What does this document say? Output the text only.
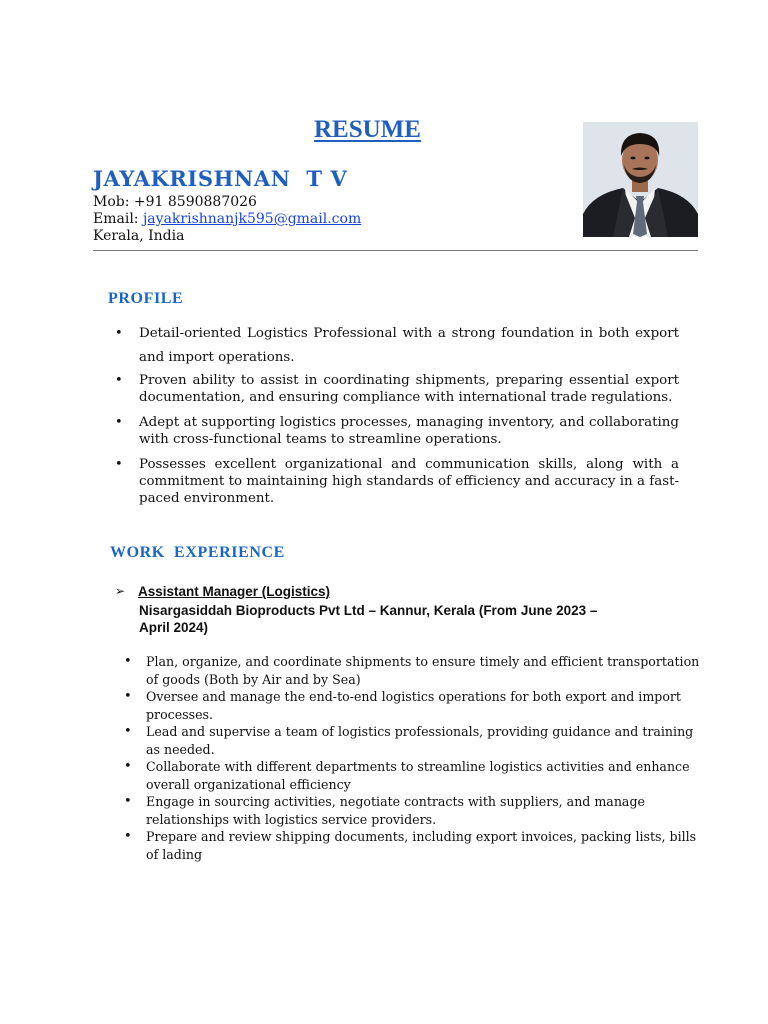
RESUME
JAYAKRISHNAN  T V
Mob: +91 8590887026
Email: jayakrishnanjk595@gmail.com
Kerala, India
PROFILE
• Detail-oriented Logistics Professional with a strong foundation in both export and import operations.
• Proven ability to assist in coordinating shipments, preparing essential export documentation, and ensuring compliance with international trade regulations.
• Adept at supporting logistics processes, managing inventory, and collaborating with cross-functional teams to streamline operations.
• Possesses excellent organizational and communication skills, along with a commitment to maintaining high standards of efficiency and accuracy in a fast-paced environment.
WORK  EXPERIENCE
➢ Assistant Manager (Logistics)
Nisargasiddah Bioproducts Pvt Ltd – Kannur, Kerala (From June 2023 –
April 2024)
• Plan, organize, and coordinate shipments to ensure timely and efficient transportation of goods (Both by Air and by Sea)
• Oversee and manage the end-to-end logistics operations for both export and import processes.
• Lead and supervise a team of logistics professionals, providing guidance and training as needed.
• Collaborate with different departments to streamline logistics activities and enhance overall organizational efficiency
• Engage in sourcing activities, negotiate contracts with suppliers, and manage relationships with logistics service providers.
• Prepare and review shipping documents, including export invoices, packing lists, bills of lading
